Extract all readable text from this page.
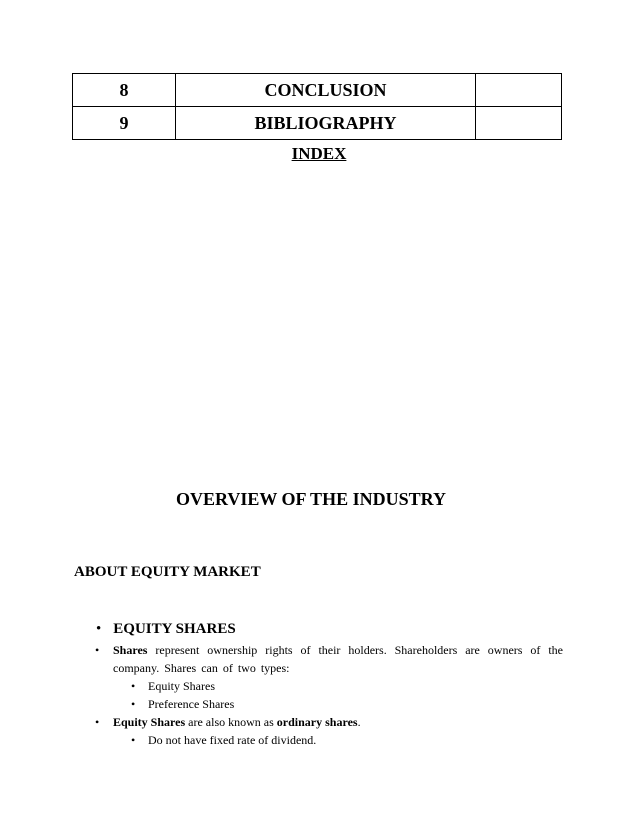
8	CONCLUSION	
9	BIBLIOGRAPHY	
INDEX
OVERVIEW OF THE INDUSTRY
ABOUT EQUITY MARKET
• EQUITY SHARES
• Shares represent ownership rights of their holders. Shareholders are owners of the company. Shares can of two types:
• Equity Shares
• Preference Shares
• Equity Shares are also known as ordinary shares.
• Do not have fixed rate of dividend.
